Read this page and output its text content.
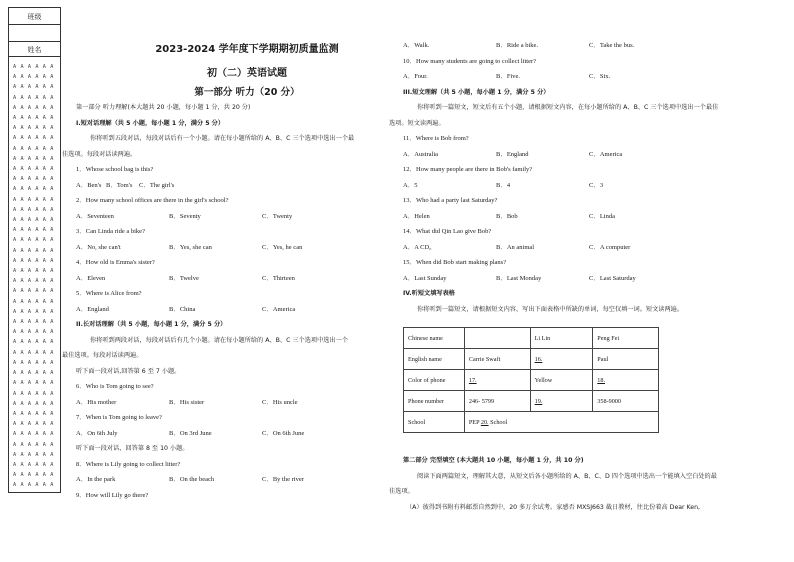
班级
姓名
A A A A A A
A A A A A A
A A A A A A
A A A A A A
A A A A A A
A A A A A A
A A A A A A
A A A A A A
A A A A A A
A A A A A A
A A A A A A
A A A A A A
A A A A A A
A A A A A A
A A A A A A
A A A A A A
A A A A A A
A A A A A A
A A A A A A
A A A A A A
A A A A A A
A A A A A A
A A A A A A
A A A A A A
A A A A A A
A A A A A A
A A A A A A
A A A A A A
A A A A A A
A A A A A A
A A A A A A
A A A A A A
A A A A A A
A A A A A A
A A A A A A
A A A A A A
A A A A A A
A A A A A A
A A A A A A
A A A A A A
A A A A A A
A A A A A A
2023-2024 学年度下学期期初质量监测
初（二）英语试题
第一部分 听力（20 分）
第一部分 听力理解(本大题共 20 小题，每小题 1 分，共 20 分)
I.短对话理解（共 5 小题，每小题 1 分，满分 5 分）
你将听到五段对话，每段对话后有一个小题。请在每小题所给的 A、B、C 三个选项中选出一个最
佳选项。每段对话读两遍。
1．Whose school bag is this?
A．Ben's B．Tom's	C．The girl's
2．How many school offices are there in the girl's school?
A．Seventeen	B．Seventy	C．Twenty
3．Can Linda ride a bike?
A．No, she can't	B．Yes, she can	C．Yes, he can
4．How old is Emma's sister?
A．Eleven	B．Twelve	C．Thirteen
5．Where is Alice from?
A．England	B．China	C．America
II.长对话理解（共 5 小题，每小题 1 分，满分 5 分）
你将听到两段对话，每段对话后有几个小题。请在每小题所给的 A、B、C 三个选项中选出一个
最佳选项。每段对话读两遍。
听下面一段对话,回答第 6 至 7 小题。
6．Who is Tom going to see?
A．His mother	B．His sister	C．His uncle
7．When is Tom going to leave?
A．On 6th July	B．On 3rd June	C．On 6th June
听下面一段对话，回答第 8 至 10 小题。
8．Where is Lily going to collect litter?
A．In the park	B．On the beach	C．By the river
9．How will Lily go there?
A．Walk.	B．Ride a bike.	C．Take the bus.
10．How many students are going to collect litter?
A．Four.	B．Five.	C．Six.
III.短文理解（共 5 小题，每小题 1 分，满分 5 分）
你将听到一篇短文，短文后有五个小题，请根据短文内容，在每小题所给的 A、B、C 三个选项中选出一个最佳
选项。短文读两遍。
11．Where is Bob from?
A．Australia	B．England	C．America
12．How many people are there in Bob's family?
A．5	B．4	C．3
13．Who had a party last Saturday?
A．Helen	B．Bob	C．Linda
14．What did Qin Lao give Bob?
A．A CD。	B．An animal	C．A computer
15．When did Bob start making plans?
A．Last Sunday	B．Last Monday	C．Last Saturday
IV.听短文填写表格
你将听到一篇短文，请根据短文内容，写出下面表格中所缺的单词，每空仅填一词。短文读两遍。
Chinese name		Li Lin	Peng Fei
English name	Carrie Swaft	16.	Paul
Color of phone	17.	Yellow	18.
Phone number	246- 5799	19.	358-9000
School	PEP 20. School		
第二部分 完型填空 (本大题共 10 小题，每小题 1 分，共 10 分)
阅读下面两篇短文，理解其大意，从短文后各小题所给的 A、B、C、D 四个选项中选出一个能填入空白处的最
佳选项。
（A）彼得到书附有料邮票自然到中，20 多万余试考。家感否 MXSJ663 截日教材，往比份着高 Dear Ken,
